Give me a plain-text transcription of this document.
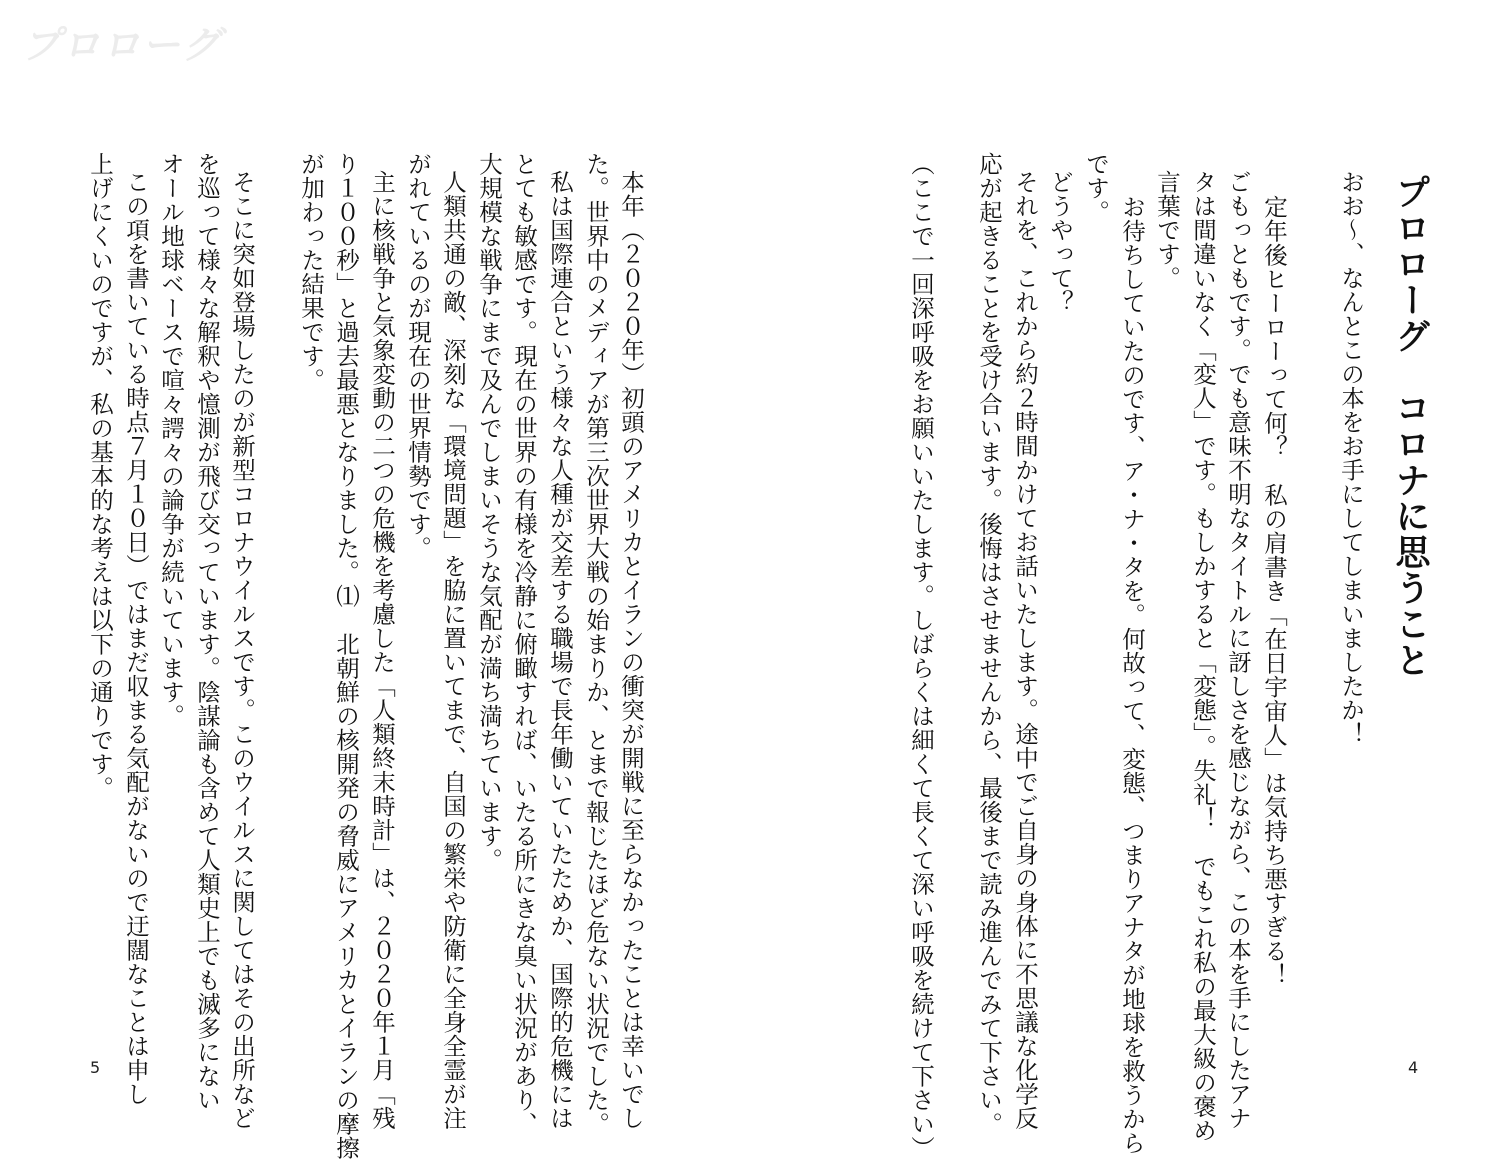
プロローグ
プロローグ　コロナに思うこと
おお～、なんとこの本をお手にしてしまいましたか！
定年後ヒーローって何？　私の肩書き「在日宇宙人」は気持ち悪すぎる！
ごもっともです。でも意味不明なタイトルに訝しさを感じながら、この本を手にしたアナ
タは間違いなく「変人」です。もしかすると「変態」。失礼！　でもこれ私の最大級の褒め
言葉です。
お待ちしていたのです、ア・ナ・タを。何故って、変態、つまりアナタが地球を救うから
です。
どうやって？
それを、これから約２時間かけてお話いたします。途中でご自身の身体に不思議な化学反
応が起きることを受け合います。後悔はさせませんから、最後まで読み進んでみて下さい。
（ここで一回深呼吸をお願いいたします。しばらくは細くて長くて深い呼吸を続けて下さい）	4
本年（２０２０年）初頭のアメリカとイランの衝突が開戦に至らなかったことは幸いでし
た。世界中のメディアが第三次世界大戦の始まりか、とまで報じたほど危ない状況でした。
私は国際連合という様々な人種が交差する職場で長年働いていたためか、国際的危機には
とても敏感です。現在の世界の有様を冷静に俯瞰すれば、いたる所にきな臭い状況があり、
大規模な戦争にまで及んでしまいそうな気配が満ち満ちています。
人類共通の敵、深刻な「環境問題」を脇に置いてまで、自国の繁栄や防衛に全身全霊が注
がれているのが現在の世界情勢です。
主に核戦争と気象変動の二つの危機を考慮した「人類終末時計」は、２０２０年１月「残
り１００秒」と過去最悪となりました。⑴　北朝鮮の核開発の脅威にアメリカとイランの摩擦
が加わった結果です。
そこに突如登場したのが新型コロナウイルスです。このウイルスに関してはその出所など
を巡って様々な解釈や憶測が飛び交っています。陰謀論も含めて人類史上でも滅多にない
オール地球ベースで喧々諤々の論争が続いています。
この項を書いている時点７月１０日）ではまだ収まる気配がないので迂闊なことは申し
上げにくいのですが、私の基本的な考えは以下の通りです。
5
